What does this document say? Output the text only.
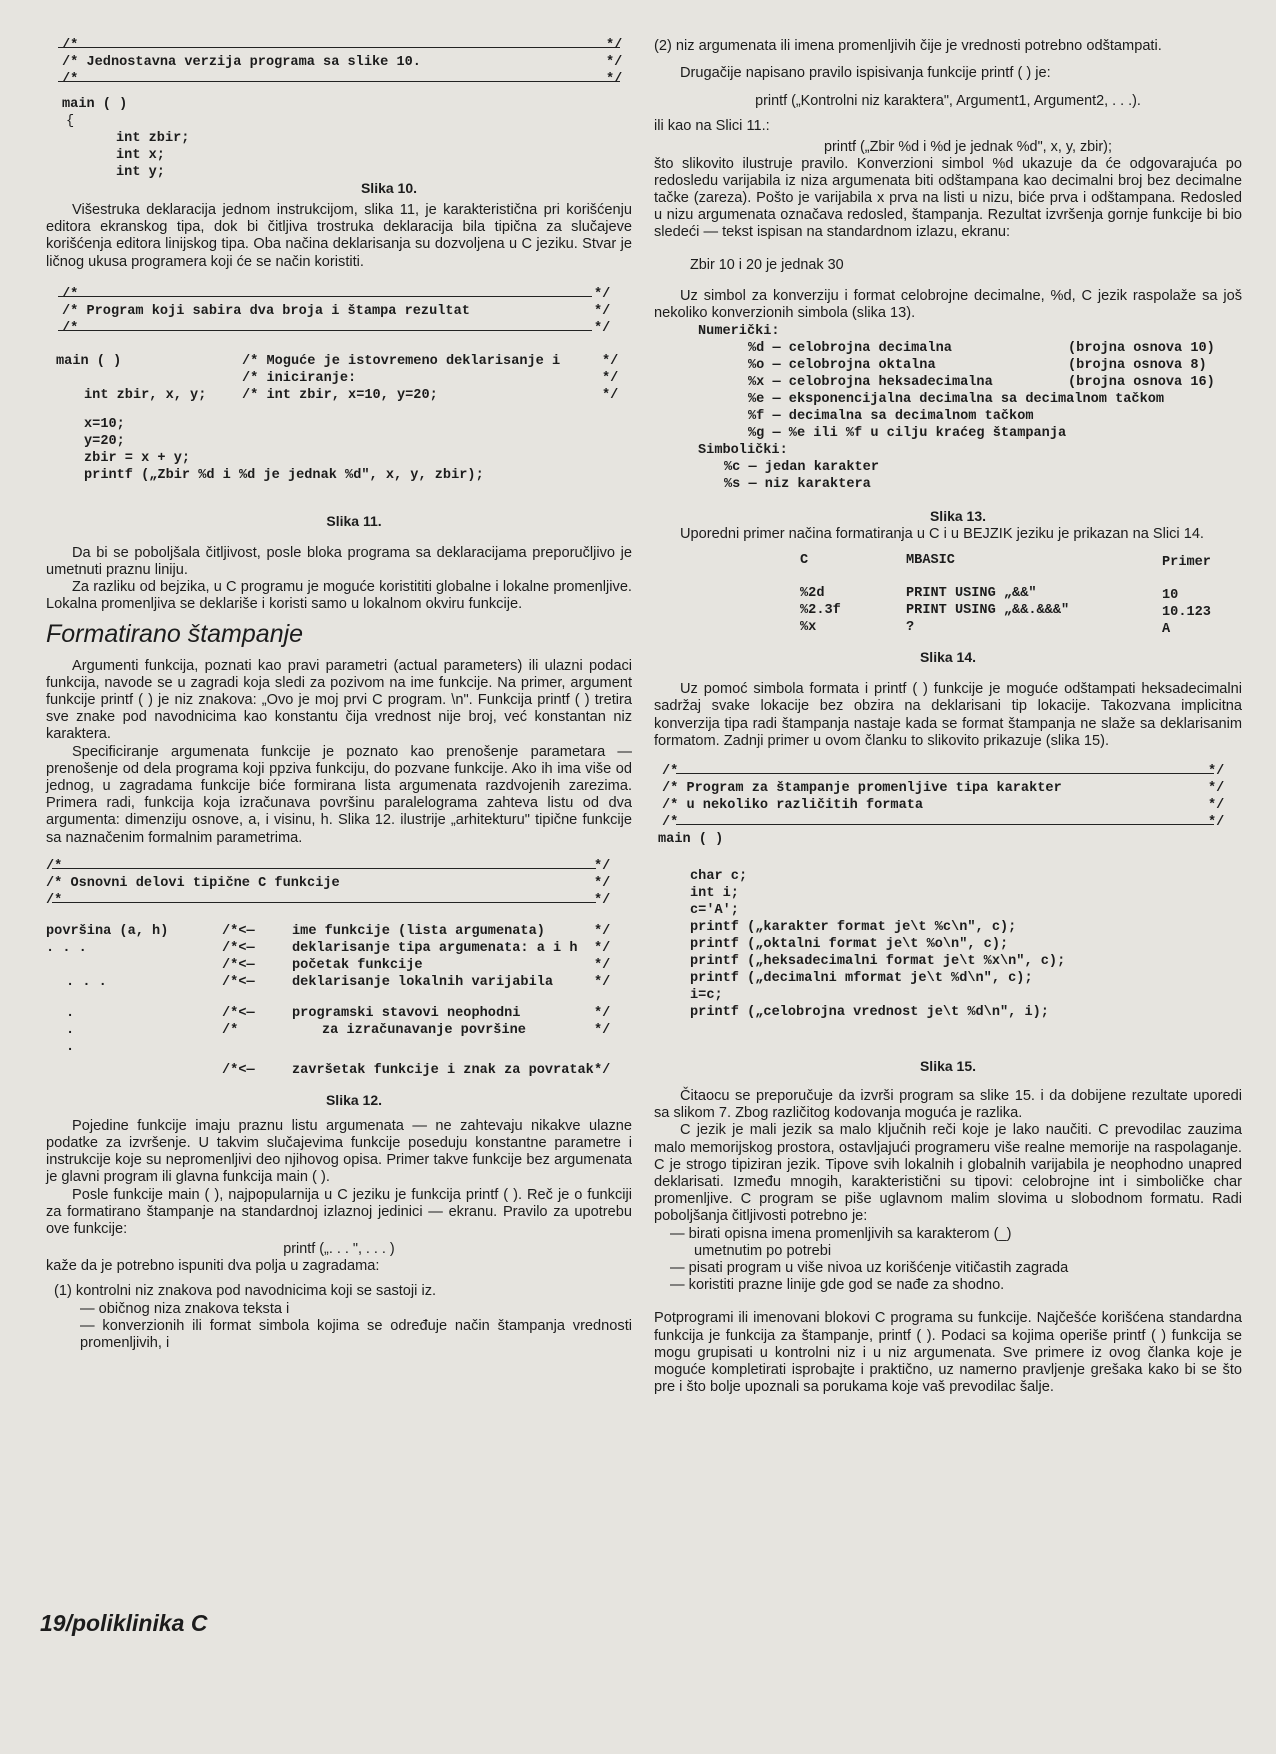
/*	*/
/* Jednostavna verzija programa sa slike 10.	*/
/*	*/
main ( )
{
int zbir;
int x;
int y;
Slika 10.

Višestruka deklaracija jednom instrukcijom, slika 11, je karakteristična pri korišćenju editora ekranskog tipa, dok bi čitljiva trostruka deklaracija bila tipična za slučajeve korišćenja editora linijskog tipa. Oba načina deklarisanja su dozvoljena u C jeziku. Stvar je ličnog ukusa programera koji će se način koristiti.

/*	*/
/* Program koji sabira dva broja i štampa rezultat	*/
/*	*/
main ( )	/* Moguće je istovremeno deklarisanje i	*/
/* iniciranje:	*/
int zbir, x, y;	/* int zbir, x=10, y=20;	*/
x=10;
y=20;
zbir = x + y;
printf („Zbir %d i %d je jednak %d", x, y, zbir);
Slika 11.

Da bi se poboljšala čitljivost, posle bloka programa sa deklaracijama preporučljivo je umetnuti praznu liniju.

Za razliku od bejzika, u C programu je moguće koristititi globalne i lokalne promenljive. Lokalna promenljiva se deklariše i koristi samo u lokalnom okviru funkcije.

Formatirano štampanje

Argumenti funkcija, poznati kao pravi parametri (actual parameters) ili ulazni podaci funkcija, navode se u zagradi koja sledi za pozivom na ime funkcije. Na primer, argument funkcije printf ( ) je niz znakova: „Ovo je moj prvi C program. \n". Funkcija printf ( ) tretira sve znake pod navodnicima kao konstantu čija vrednost nije broj, već konstantan niz karaktera.

Specificiranje argumenata funkcije je poznato kao prenošenje parametara — prenošenje od dela programa koji ppziva funkciju, do pozvane funkcije. Ako ih ima više od jednog, u zagradama funkcije biće formirana lista argumenata razdvojenih zarezima. Primera radi, funkcija koja izračunava površinu paralelograma zahteva listu od dva argumenta: dimenziju osnove, a, i visinu, h. Slika 12. ilustrije „arhitekturu" tipične funkcije sa naznačenim formalnim parametrima.

/*	*/
/* Osnovni delovi tipične C funkcije	*/
/*	*/
površina (a, h)	/*<—	ime funkcije (lista argumenata)	*/
. . .	/*<—	deklarisanje tipa argumenata: a i h */
/*<—	početak funkcije	*/
. . .	/*<—	deklarisanje lokalnih varijabila	*/
.	/*<—	programski stavovi neophodni	*/
.	/*	za izračunavanje površine	*/
.
/*<—	završetak funkcije i znak za povratak */
Slika 12.

Pojedine funkcije imaju praznu listu argumenata — ne zahtevaju nikakve ulazne podatke za izvršenje. U takvim slučajevima funkcije poseduju konstantne parametre i instrukcije koje su nepromenljivi deo njihovog opisa. Primer takve funkcije bez argumenata je glavni program ili glavna funkcija main ( ).

Posle funkcije main ( ), najpopularnija u C jeziku je funkcija printf ( ). Reč je o funkciji za formatirano štampanje na standardnoj izlaznoj jedinici — ekranu. Pravilo za upotrebu ove funkcije:

printf („. . . ", . . . )

kaže da je potrebno ispuniti dva polja u zagradama:

(1) kontrolni niz znakova pod navodnicima koji se sastoji iz.

— običnog niza znakova teksta i

— konverzionih ili format simbola kojima se određuje način štampanja vrednosti promenljivih, i

19/poliklinika C

(2) niz argumenata ili imena promenljivih čije je vrednosti potrebno odštampati.

Drugačije napisano pravilo ispisivanja funkcije printf ( ) je:

printf („Kontrolni niz karaktera", Argument1, Argument2, . . .).

ili kao na Slici 11.:

printf („Zbir %d i %d je jednak %d", x, y, zbir);

što slikovito ilustruje pravilo. Konverzioni simbol %d ukazuje da će odgovarajuća po redosledu varijabila iz niza argumenata biti odštampana kao decimalni broj bez decimalne tačke (zareza). Pošto je varijabila x prva na listi u nizu, biće prva i odštampana. Redosled u nizu argumenata označava redosled, štampanja. Rezultat izvršenja gornje funkcije bi bio sledeći — tekst ispisan na standardnom izlazu, ekranu:

Zbir 10 i 20 je jednak 30

Uz simbol za konverziju i format celobrojne decimalne, %d, C jezik raspolaže sa još nekoliko konverzionih simbola (slika 13).

Numerički:
%d — celobrojna decimalna	(brojna osnova 10)
%o — celobrojna oktalna	(brojna osnova 8)
%x — celobrojna heksadecimalna	(brojna osnova 16)
%e — eksponencijalna decimalna sa decimalnom tačkom
%f — decimalna sa decimalnom tačkom
%g — %e ili %f u cilju kraćeg štampanja
Simbolički:
%c — jedan karakter
%s — niz karaktera
Slika 13.

Uporedni primer načina formatiranja u C i u BEJZIK jeziku je prikazan na Slici 14.

C	MBASIC	Primer
%2d	PRINT USING „&&"	10
%2.3f	PRINT USING „&&.&&&"	10.123
%x	?	A
Slika 14.

Uz pomoć simbola formata i printf ( ) funkcije je moguće odštampati heksadecimalni sadržaj svake lokacije bez obzira na deklarisani tip lokacije. Takozvana implicitna konverzija tipa radi štampanja nastaje kada se format štampanja ne slaže sa deklarisanim formatom. Zadnji primer u ovom članku to slikovito prikazuje (slika 15).

/*	*/
/* Program za štampanje promenljive tipa karakter	*/
/* u nekoliko različitih formata	*/
/*	*/
main ( )
char c;
int i;
c='A';
printf („karakter format je\t %c\n", c);
printf („oktalni format je\t %o\n", c);
printf („heksadecimalni format je\t %x\n", c);
printf („decimalni mformat je\t %d\n", c);
i=c;
printf („celobrojna vrednost je\t %d\n", i);
Slika 15.

Čitaocu se preporučuje da izvrši program sa slike 15. i da dobijene rezultate uporedi sa slikom 7. Zbog različitog kodovanja moguća je razlika.

C jezik je mali jezik sa malo ključnih reči koje je lako naučiti. C prevodilac zauzima malo memorijskog prostora, ostavljajući programeru više realne memorije na raspolaganje. C je strogo tipiziran jezik. Tipove svih lokalnih i globalnih varijabila je neophodno unapred deklarisati. Između mnogih, karakteristični su tipovi: celobrojne int i simboličke char promenljive. C program se piše uglavnom malim slovima u slobodnom formatu. Radi poboljšanja čitljivosti potrebno je:

— birati opisna imena promenljivih sa karakterom (_)

umetnutim po potrebi

— pisati program u više nivoa uz korišćenje vitičastih zagrada

— koristiti prazne linije gde god se nađe za shodno.

Potprogrami ili imenovani blokovi C programa su funkcije. Najčešće korišćena standardna funkcija je funkcija za štampanje, printf ( ). Podaci sa kojima operiše printf ( ) funkcija se mogu grupisati u kontrolni niz i u niz argumenata. Sve primere iz ovog članka koje je moguće kompletirati isprobajte i praktično, uz namerno pravljenje grešaka kako bi se što pre i što bolje upoznali sa porukama koje vaš prevodilac šalje.
